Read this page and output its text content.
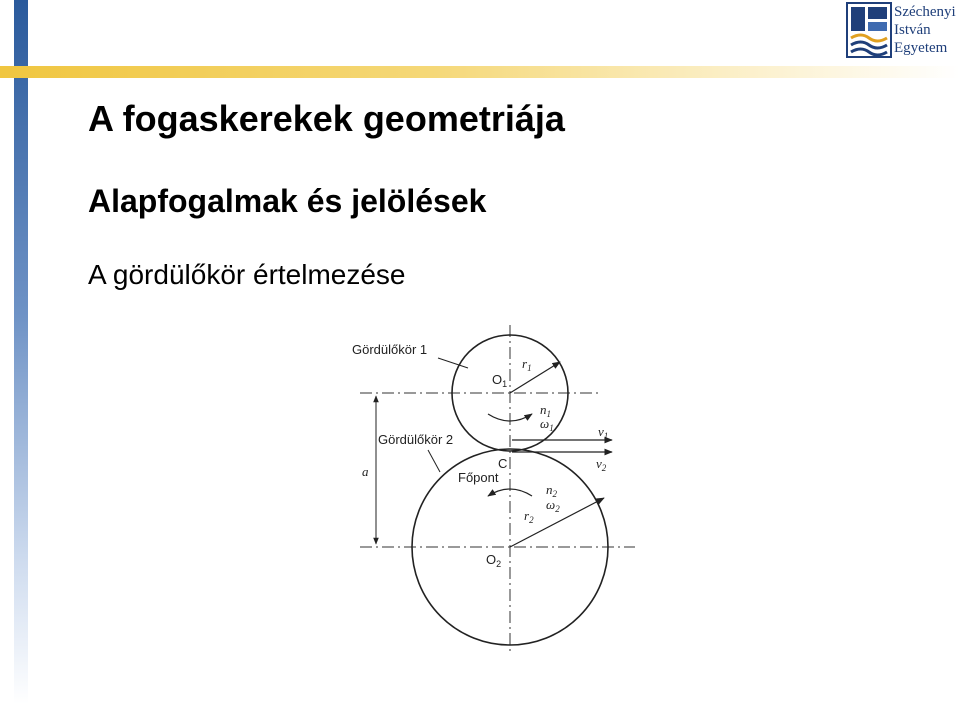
Széchenyi
István
Egyetem
A fogaskerekek geometriája
Alapfogalmak és jelölések

A gördülőkör értelmezése

a
Gördülőkör 1
Gördülőkör 2
Főpont
C
$O_1$
$O_2$
$r_1$
$r_2$
$n_1$
$\omega_1$
$n_2$
$\omega_2$
$v_1$
$v_2$
